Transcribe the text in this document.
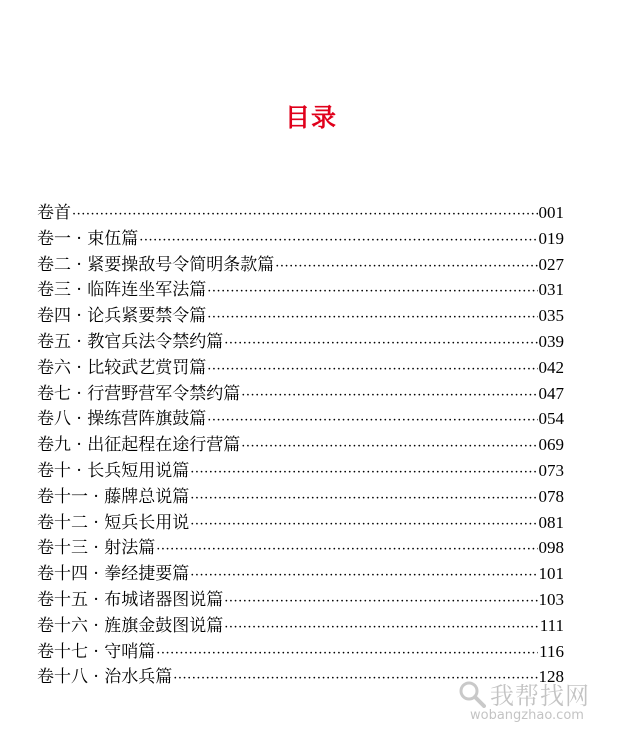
目录
卷首 ·····	001
卷一 · 束伍篇 ·····	019
卷二 · 紧要操敌号令简明条款篇 ·····	027
卷三 · 临阵连坐军法篇 ·····	031
卷四 · 论兵紧要禁令篇 ·····	035
卷五 · 教官兵法令禁约篇 ·····	039
卷六 · 比较武艺赏罚篇 ·····	042
卷七 · 行营野营军令禁约篇 ·····	047
卷八 · 操练营阵旗鼓篇 ·····	054
卷九 · 出征起程在途行营篇 ·····	069
卷十 · 长兵短用说篇 ·····	073
卷十一 · 藤牌总说篇 ·····	078
卷十二 · 短兵长用说 ·····	081
卷十三 · 射法篇 ·····	098
卷十四 · 拳经捷要篇 ·····	101
卷十五 · 布城诸器图说篇 ·····	103
卷十六 · 旌旗金鼓图说篇 ·····	111
卷十七 · 守哨篇 ·····	116
卷十八 · 治水兵篇 ·····	128
我帮找网
wobangzhao.com
